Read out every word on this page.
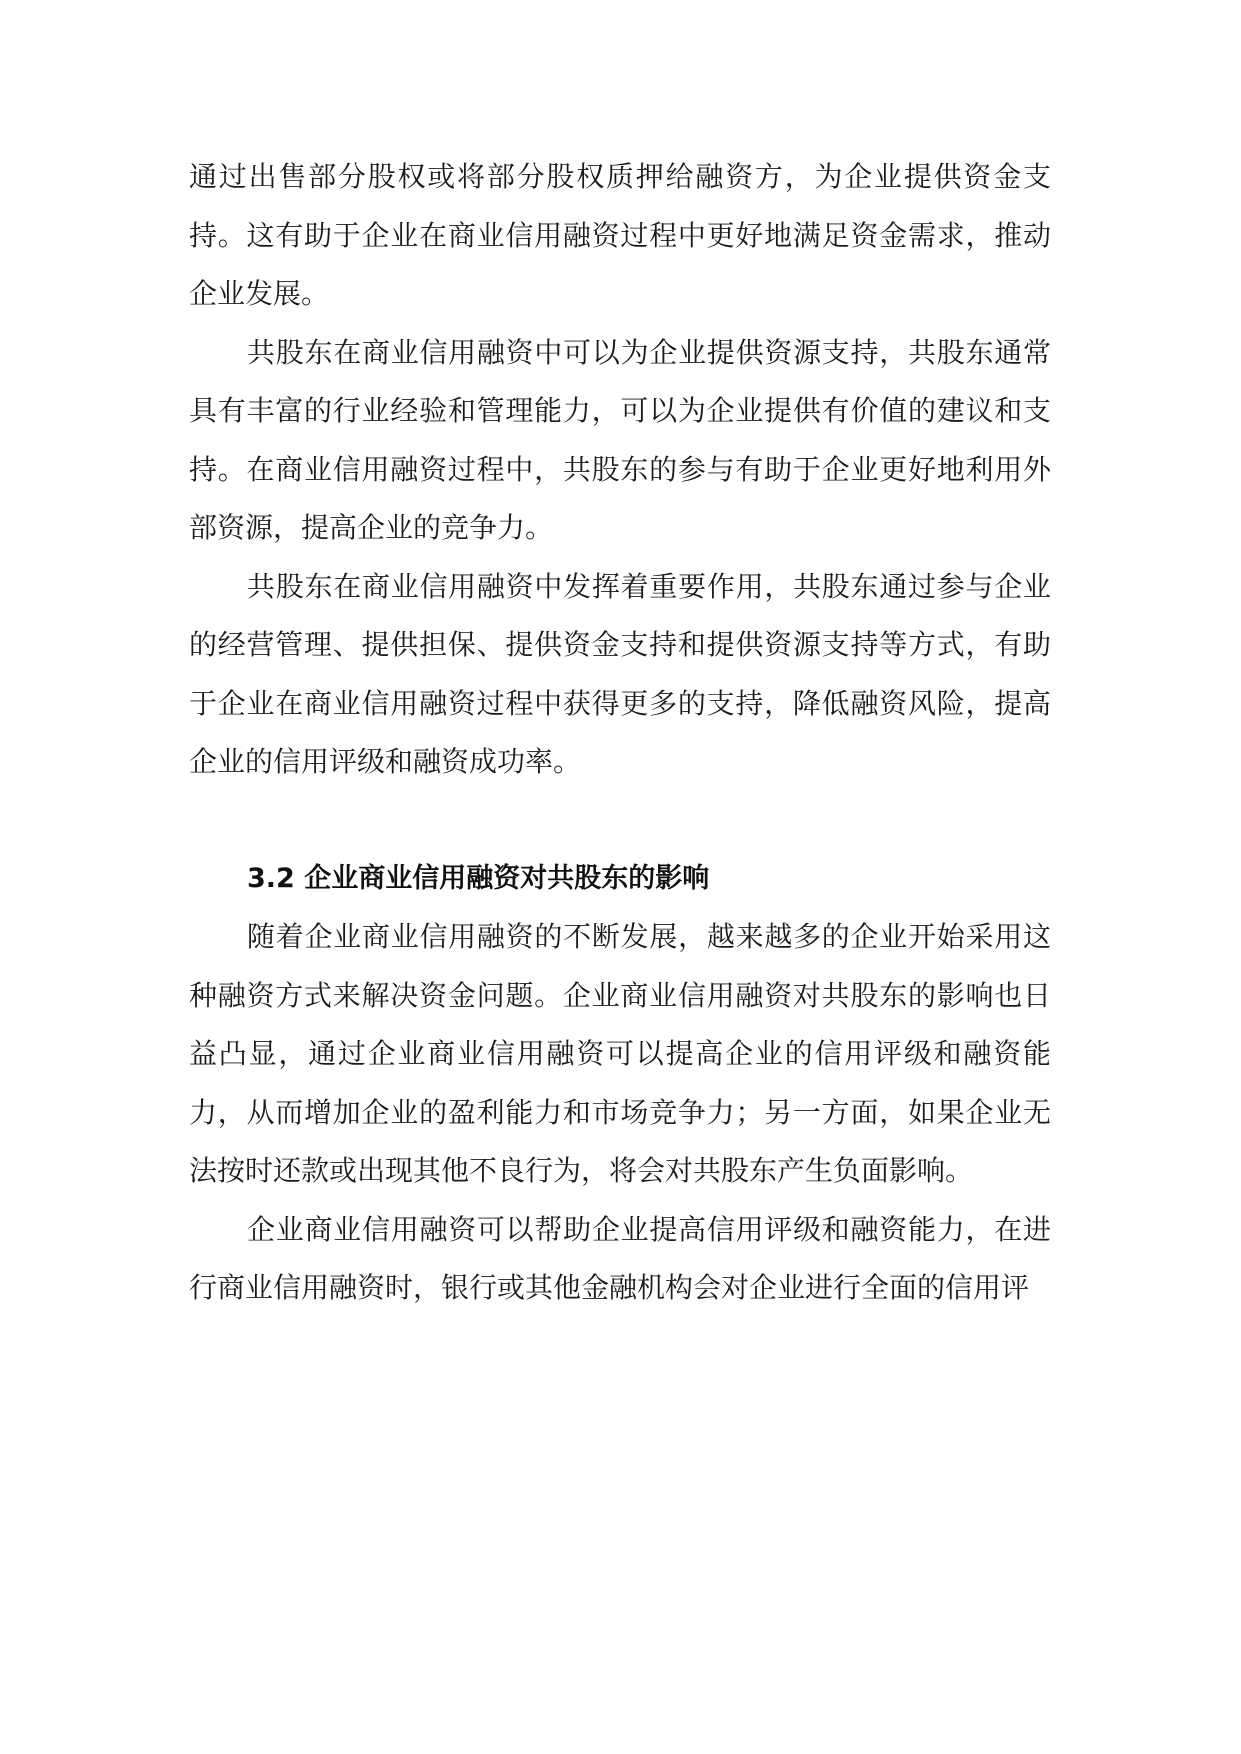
通过出售部分股权或将部分股权质押给融资方，为企业提供资金支持。这有助于企业在商业信用融资过程中更好地满足资金需求，推动企业发展。

共股东在商业信用融资中可以为企业提供资源支持，共股东通常具有丰富的行业经验和管理能力，可以为企业提供有价值的建议和支持。在商业信用融资过程中，共股东的参与有助于企业更好地利用外部资源，提高企业的竞争力。

共股东在商业信用融资中发挥着重要作用，共股东通过参与企业的经营管理、提供担保、提供资金支持和提供资源支持等方式，有助于企业在商业信用融资过程中获得更多的支持，降低融资风险，提高企业的信用评级和融资成功率。

3.2 企业商业信用融资对共股东的影响

随着企业商业信用融资的不断发展，越来越多的企业开始采用这种融资方式来解决资金问题。企业商业信用融资对共股东的影响也日益凸显，通过企业商业信用融资可以提高企业的信用评级和融资能力，从而增加企业的盈利能力和市场竞争力；另一方面，如果企业无法按时还款或出现其他不良行为，将会对共股东产生负面影响。

企业商业信用融资可以帮助企业提高信用评级和融资能力，在进行商业信用融资时，银行或其他金融机构会对企业进行全面的信用评
